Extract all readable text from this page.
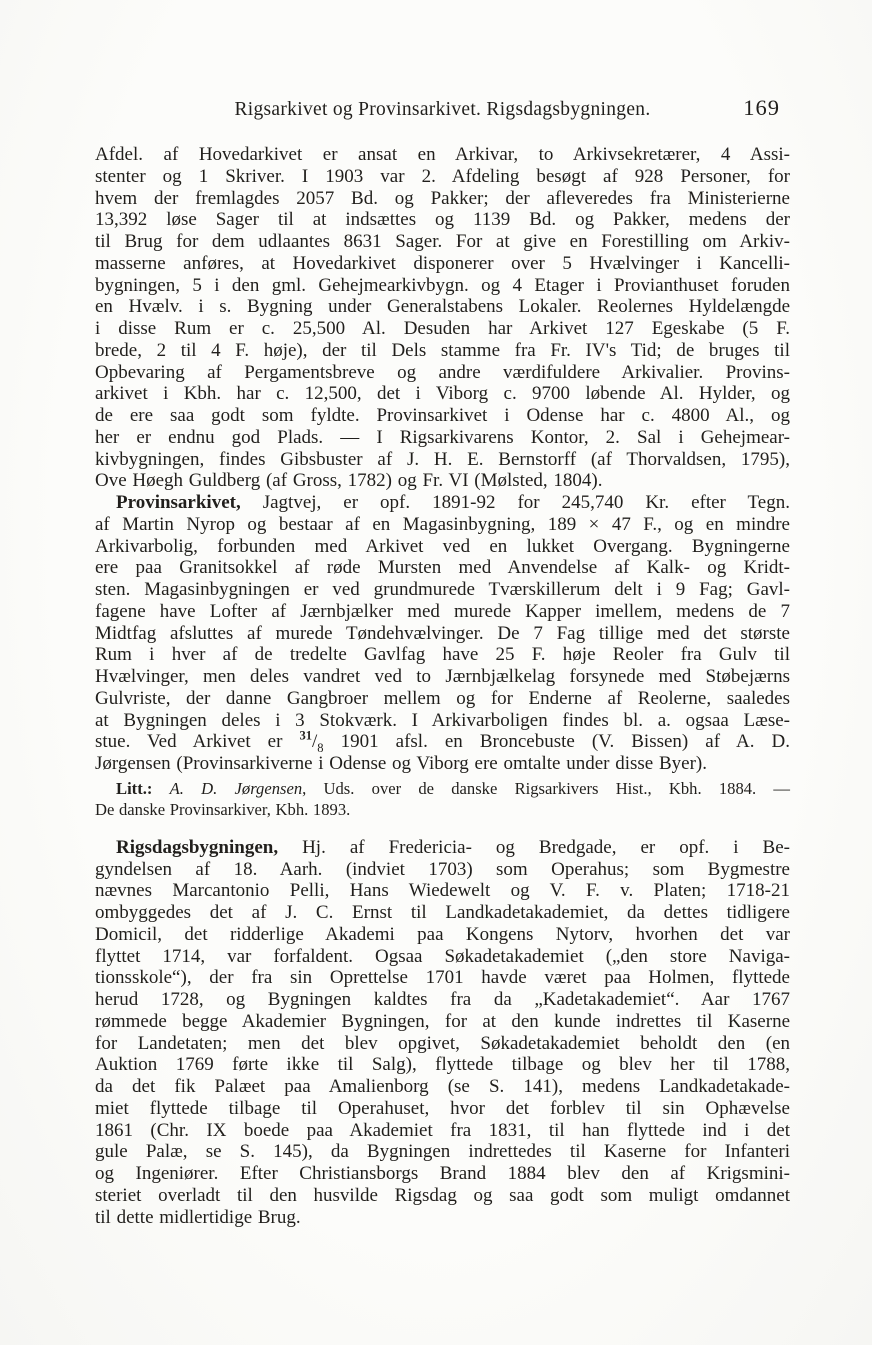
Rigsarkivet og Provinsarkivet. Rigsdagsbygningen.	169
Afdel. af Hovedarkivet er ansat en Arkivar, to Arkivsekretærer, 4 Assi-
stenter og 1 Skriver. I 1903 var 2. Afdeling besøgt af 928 Personer, for
hvem der fremlagdes 2057 Bd. og Pakker; der afleveredes fra Ministerierne
13,392 løse Sager til at indsættes og 1139 Bd. og Pakker, medens der
til Brug for dem udlaantes 8631 Sager. For at give en Forestilling om Arkiv-
masserne anføres, at Hovedarkivet disponerer over 5 Hvælvinger i Kancelli-
bygningen, 5 i den gml. Gehejmearkivbygn. og 4 Etager i Provianthuset foruden
en Hvælv. i s. Bygning under Generalstabens Lokaler. Reolernes Hyldelængde
i disse Rum er c. 25,500 Al. Desuden har Arkivet 127 Egeskabe (5 F.
brede, 2 til 4 F. høje), der til Dels stamme fra Fr. IV's Tid; de bruges til
Opbevaring af Pergamentsbreve og andre værdifuldere Arkivalier. Provins-
arkivet i Kbh. har c. 12,500, det i Viborg c. 9700 løbende Al. Hylder, og
de ere saa godt som fyldte. Provinsarkivet i Odense har c. 4800 Al., og
her er endnu god Plads. — I Rigsarkivarens Kontor, 2. Sal i Gehejmear-
kivbygningen, findes Gibsbuster af J. H. E. Bernstorff (af Thorvaldsen, 1795),
Ove Høegh Guldberg (af Gross, 1782) og Fr. VI (Mølsted, 1804).
Provinsarkivet, Jagtvej, er opf. 1891-92 for 245,740 Kr. efter Tegn.
af Martin Nyrop og bestaar af en Magasinbygning, 189 × 47 F., og en mindre
Arkivarbolig, forbunden med Arkivet ved en lukket Overgang. Bygningerne
ere paa Granitsokkel af røde Mursten med Anvendelse af Kalk- og Kridt-
sten. Magasinbygningen er ved grundmurede Tværskillerum delt i 9 Fag; Gavl-
fagene have Lofter af Jærnbjælker med murede Kapper imellem, medens de 7
Midtfag afsluttes af murede Tøndehvælvinger. De 7 Fag tillige med det største
Rum i hver af de tredelte Gavlfag have 25 F. høje Reoler fra Gulv til
Hvælvinger, men deles vandret ved to Jærnbjælkelag forsynede med Støbejærns
Gulvriste, der danne Gangbroer mellem og for Enderne af Reolerne, saaledes
at Bygningen deles i 3 Stokværk. I Arkivarboligen findes bl. a. ogsaa Læse-
stue. Ved Arkivet er $^{31}/_8$ 1901 afsl. en Broncebuste (V. Bissen) af A. D.
Jørgensen (Provinsarkiverne i Odense og Viborg ere omtalte under disse Byer).
Litt.: A. D. Jørgensen, Uds. over de danske Rigsarkivers Hist., Kbh. 1884. —
De danske Provinsarkiver, Kbh. 1893.
Rigsdagsbygningen, Hj. af Fredericia- og Bredgade, er opf. i Be-
gyndelsen af 18. Aarh. (indviet 1703) som Operahus; som Bygmestre
nævnes Marcantonio Pelli, Hans Wiedewelt og V. F. v. Platen; 1718-21
ombyggedes det af J. C. Ernst til Landkadetakademiet, da dettes tidligere
Domicil, det ridderlige Akademi paa Kongens Nytorv, hvorhen det var
flyttet 1714, var forfaldent. Ogsaa Søkadetakademiet („den store Naviga-
tionsskole“), der fra sin Oprettelse 1701 havde været paa Holmen, flyttede
herud 1728, og Bygningen kaldtes fra da „Kadetakademiet“. Aar 1767
rømmede begge Akademier Bygningen, for at den kunde indrettes til Kaserne
for Landetaten; men det blev opgivet, Søkadetakademiet beholdt den (en
Auktion 1769 førte ikke til Salg), flyttede tilbage og blev her til 1788,
da det fik Palæet paa Amalienborg (se S. 141), medens Landkadetakade-
miet flyttede tilbage til Operahuset, hvor det forblev til sin Ophævelse
1861 (Chr. IX boede paa Akademiet fra 1831, til han flyttede ind i det
gule Palæ, se S. 145), da Bygningen indrettedes til Kaserne for Infanteri
og Ingeniører. Efter Christiansborgs Brand 1884 blev den af Krigsmini-
steriet overladt til den husvilde Rigsdag og saa godt som muligt omdannet
til dette midlertidige Brug.
